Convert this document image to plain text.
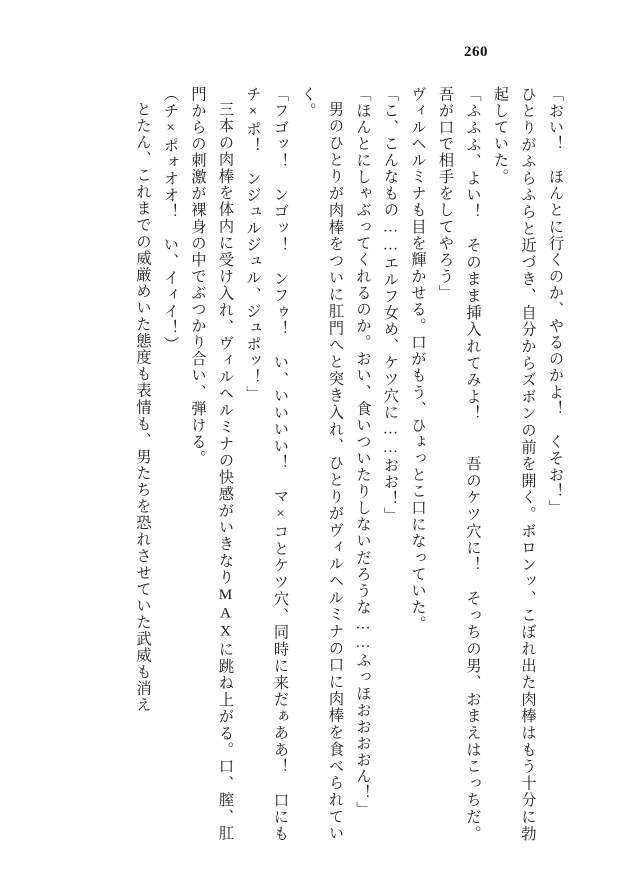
260

「おい！　ほんとに行くのか、やるのかよ！　くそお！」

ひとりがふらふらと近づき、自分からズボンの前を開く。ボロンッ、こぼれ出た肉棒はもう十分に勃起していた。

「ふふふ、よい！　そのまま挿入れてみよ！　　吾のケツ穴に！　そっちの男、おまえはこっちだ。吾が口で相手をしてやろう」

ヴィルヘルミナも目を輝かせる。口がもう、ひょっとこ口になっていた。

「こ、こんなもの……エルフ女め、ケツ穴に……おお！」

「ほんとにしゃぶってくれるのか。おい、食いついたりしないだろうな……ふっほおおおおん！」

男のひとりが肉棒をついに肛門へと突き入れ、ひとりがヴィルヘルミナの口に肉棒を食べられていく。

「フゴッ！　ンゴッ！　ンフゥ！　い、いいいい！　マ×コとケツ穴、同時に来だぁああ！　口にもチ×ポ！　ンジュルジュル、ジュポッ！」

三本の肉棒を体内に受け入れ、ヴィルヘルミナの快感がいきなりMAXに跳ね上がる。口、膣、肛門からの刺激が裸身の中でぶつかり合い、弾ける。

（チ×ポォオオ！　い、イィイ！）

とたん、これまでの威厳めいた態度も表情も、男たちを恐れさせていた武威も消え
